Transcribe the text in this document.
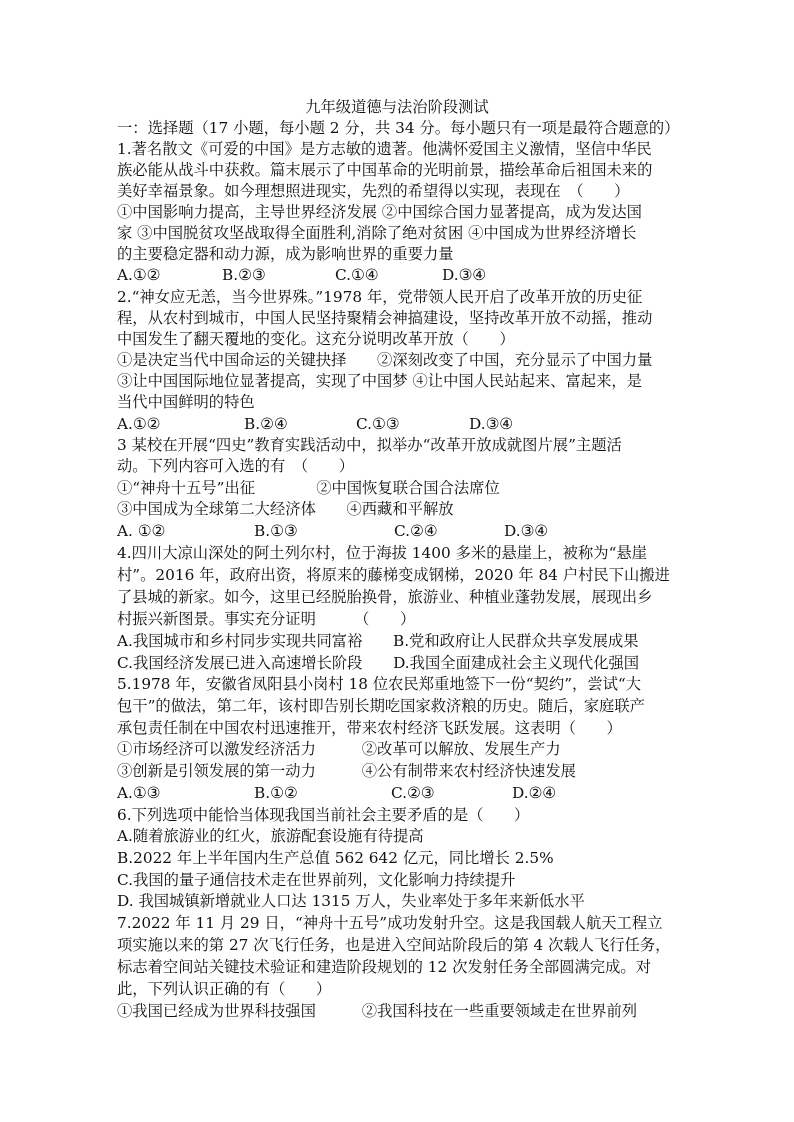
九年级道德与法治阶段测试
一：选择题（17 小题，每小题 2 分，共 34 分。每小题只有一项是最符合题意的）
1.著名散文《可爱的中国》是方志敏的遗著。他满怀爱国主义激情，坚信中华民
族必能从战斗中获救。篇末展示了中国革命的光明前景，描绘革命后祖国未来的
美好幸福景象。如今理想照进现实，先烈的希望得以实现，表现在　（　　）
①中国影响力提高，主导世界经济发展 ②中国综合国力显著提高，成为发达国
家 ③中国脱贫攻坚战取得全面胜利,消除了绝对贫困 ④中国成为世界经济增长
的主要稳定器和动力源，成为影响世界的重要力量
A.①②	B.②③	C.①④	D.③④
2.“神女应无恙，当今世界殊。”1978 年，党带领人民开启了改革开放的历史征
程，从农村到城市，中国人民坚持聚精会神搞建设，坚持改革开放不动摇，推动
中国发生了翻天覆地的变化。这充分说明改革开放（　　）
①是决定当代中国命运的关键抉择　　②深刻改变了中国，充分显示了中国力量
③让中国国际地位显著提高，实现了中国梦 ④让中国人民站起来、富起来，是
当代中国鲜明的特色
A.①②	B.②④	C.①③	D.③④
3 某校在开展“四史”教育实践活动中，拟举办“改革开放成就图片展”主题活
动。下列内容可入选的有　（　　）
①“神舟十五号”出征　　　　②中国恢复联合国合法席位
③中国成为全球第二大经济体　　④西藏和平解放
A. ①②	B.①③	C.②④	D.③④
4.四川大凉山深处的阿土列尔村，位于海拔 1400 多米的悬崖上，被称为“悬崖
村”。2016 年，政府出资，将原来的藤梯变成钢梯，2020 年 84 户村民下山搬进
了县城的新家。如今，这里已经脱胎换骨，旅游业、种植业蓬勃发展，展现出乡
村振兴新图景。事实充分证明　　　（　　）
A.我国城市和乡村同步实现共同富裕　　B.党和政府让人民群众共享发展成果
C.我国经济发展已进入高速增长阶段　　D.我国全面建成社会主义现代化强国
5.1978 年，安徽省凤阳县小岗村 18 位农民郑重地签下一份“契约”，尝试“大
包干”的做法，第二年，该村即告别长期吃国家救济粮的历史。随后，家庭联产
承包责任制在中国农村迅速推开，带来农村经济飞跃发展。这表明（　　）
①市场经济可以激发经济活力　　　②改革可以解放、发展生产力
③创新是引领发展的第一动力　　　④公有制带来农村经济快速发展
A.①③	B.①②	C.②③	D.②④
6.下列选项中能恰当体现我国当前社会主要矛盾的是（　　）
A.随着旅游业的红火，旅游配套设施有待提高
B.2022 年上半年国内生产总值 562 642 亿元，同比增长 2.5%
C.我国的量子通信技术走在世界前列，文化影响力持续提升
D. 我国城镇新增就业人口达 1315 万人，失业率处于多年来新低水平
7.2022 年 11 月 29 日，“神舟十五号”成功发射升空。这是我国载人航天工程立
项实施以来的第 27 次飞行任务，也是进入空间站阶段后的第 4 次载人飞行任务，
标志着空间站关键技术验证和建造阶段规划的 12 次发射任务全部圆满完成。对
此，下列认识正确的有（　　）
①我国已经成为世界科技强国　　　②我国科技在一些重要领域走在世界前列
